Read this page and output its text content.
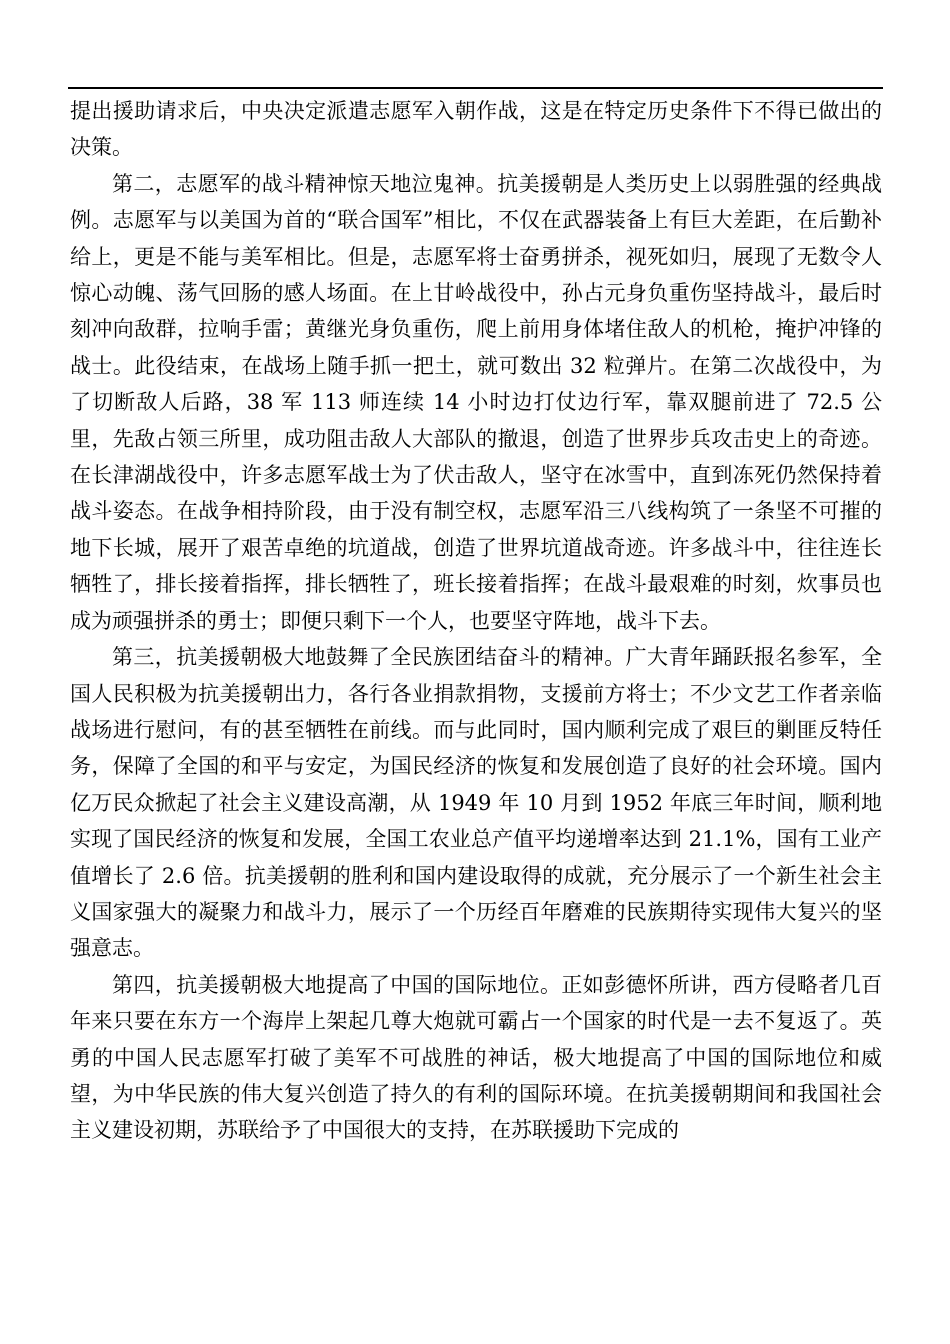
提出援助请求后，中央决定派遣志愿军入朝作战，这是在特定历史条件下不得已做出的决策。

第二，志愿军的战斗精神惊天地泣鬼神。抗美援朝是人类历史上以弱胜强的经典战例。志愿军与以美国为首的“联合国军”相比，不仅在武器装备上有巨大差距，在后勤补给上，更是不能与美军相比。但是，志愿军将士奋勇拼杀，视死如归，展现了无数令人惊心动魄、荡气回肠的感人场面。在上甘岭战役中，孙占元身负重伤坚持战斗，最后时刻冲向敌群，拉响手雷；黄继光身负重伤，爬上前用身体堵住敌人的机枪，掩护冲锋的战士。此役结束，在战场上随手抓一把土，就可数出 32 粒弹片。在第二次战役中，为了切断敌人后路，38 军 113 师连续 14 小时边打仗边行军，靠双腿前进了 72.5 公里，先敌占领三所里，成功阻击敌人大部队的撤退，创造了世界步兵攻击史上的奇迹。在长津湖战役中，许多志愿军战士为了伏击敌人，坚守在冰雪中，直到冻死仍然保持着战斗姿态。在战争相持阶段，由于没有制空权，志愿军沿三八线构筑了一条坚不可摧的地下长城，展开了艰苦卓绝的坑道战，创造了世界坑道战奇迹。许多战斗中，往往连长牺牲了，排长接着指挥，排长牺牲了，班长接着指挥；在战斗最艰难的时刻，炊事员也成为顽强拼杀的勇士；即便只剩下一个人，也要坚守阵地，战斗下去。

第三，抗美援朝极大地鼓舞了全民族团结奋斗的精神。广大青年踊跃报名参军，全国人民积极为抗美援朝出力，各行各业捐款捐物，支援前方将士；不少文艺工作者亲临战场进行慰问，有的甚至牺牲在前线。而与此同时，国内顺利完成了艰巨的剿匪反特任务，保障了全国的和平与安定，为国民经济的恢复和发展创造了良好的社会环境。国内亿万民众掀起了社会主义建设高潮，从 1949 年 10 月到 1952 年底三年时间，顺利地实现了国民经济的恢复和发展，全国工农业总产值平均递增率达到 21.1%，国有工业产值增长了 2.6 倍。抗美援朝的胜利和国内建设取得的成就，充分展示了一个新生社会主义国家强大的凝聚力和战斗力，展示了一个历经百年磨难的民族期待实现伟大复兴的坚强意志。

第四，抗美援朝极大地提高了中国的国际地位。正如彭德怀所讲，西方侵略者几百年来只要在东方一个海岸上架起几尊大炮就可霸占一个国家的时代是一去不复返了。英勇的中国人民志愿军打破了美军不可战胜的神话，极大地提高了中国的国际地位和威望，为中华民族的伟大复兴创造了持久的有利的国际环境。在抗美援朝期间和我国社会主义建设初期，苏联给予了中国很大的支持，在苏联援助下完成的
